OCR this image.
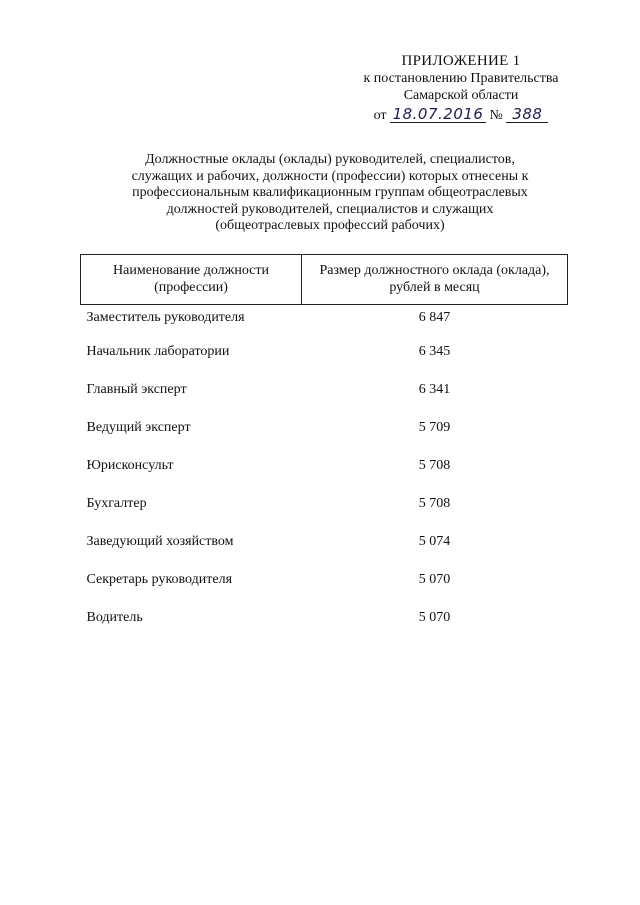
ПРИЛОЖЕНИЕ 1
к постановлению Правительства
Самарской области
от 18.07.2016 № 388
Должностные оклады (оклады) руководителей, специалистов,
служащих и рабочих, должности (профессии) которых отнесены к
профессиональным квалификационным группам общеотраслевых
должностей руководителей, специалистов и служащих
(общеотраслевых профессий рабочих)
Наименование должности
(профессии)	Размер должностного оклада (оклада),
рублей в месяц

Заместитель руководителя	6 847
Начальник лаборатории	6 345
Главный эксперт	6 341
Ведущий эксперт	5 709
Юрисконсульт	5 708
Бухгалтер	5 708
Заведующий хозяйством	5 074
Секретарь руководителя	5 070
Водитель	5 070
